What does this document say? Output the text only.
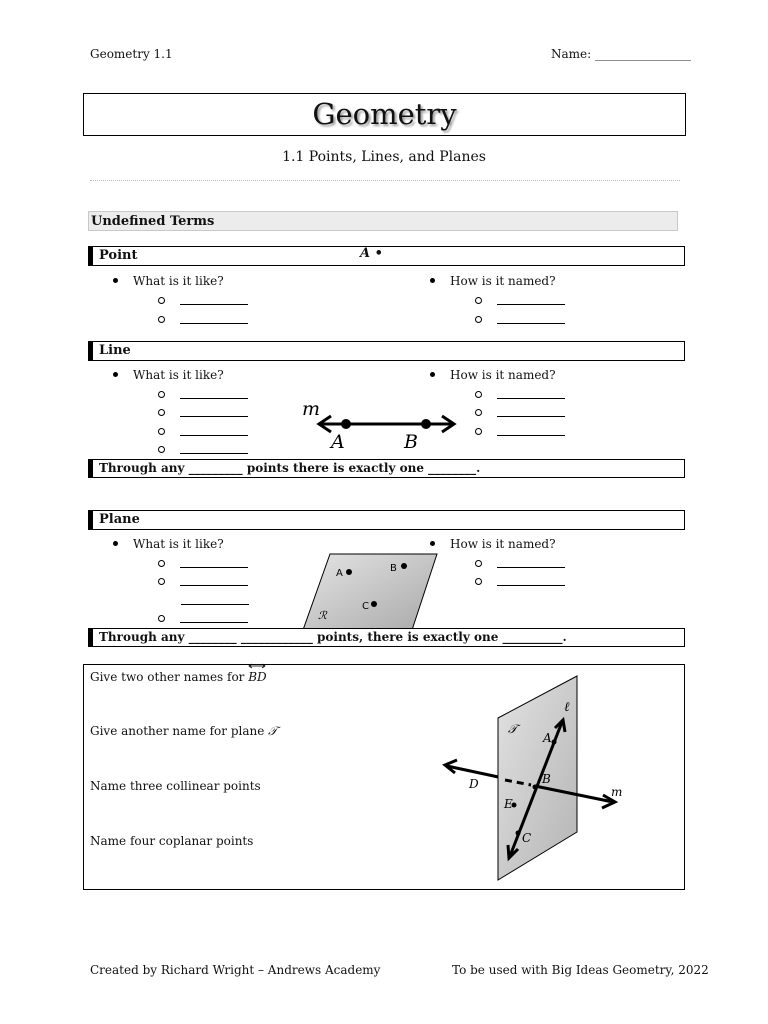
Geometry 1.1	Name: ________________
Geometry
1.1 Points, Lines, and Planes
Undefined Terms
Point	A •
What is it like?	How is it named?
Line
What is it like?	How is it named?
m
A	B
Through any _________ points there is exactly one ________.
Plane
What is it like?	How is it named?
A	B
C
ℛ
Through any ________ ____________ points, there is exactly one __________.
Give two other names for
BD
Give another name for plane 𝒯
Name three collinear points
Name four coplanar points
𝒯
ℓ
A
B
C
D
E
m
Created by Richard Wright – Andrews Academy	To be used with Big Ideas Geometry, 2022
